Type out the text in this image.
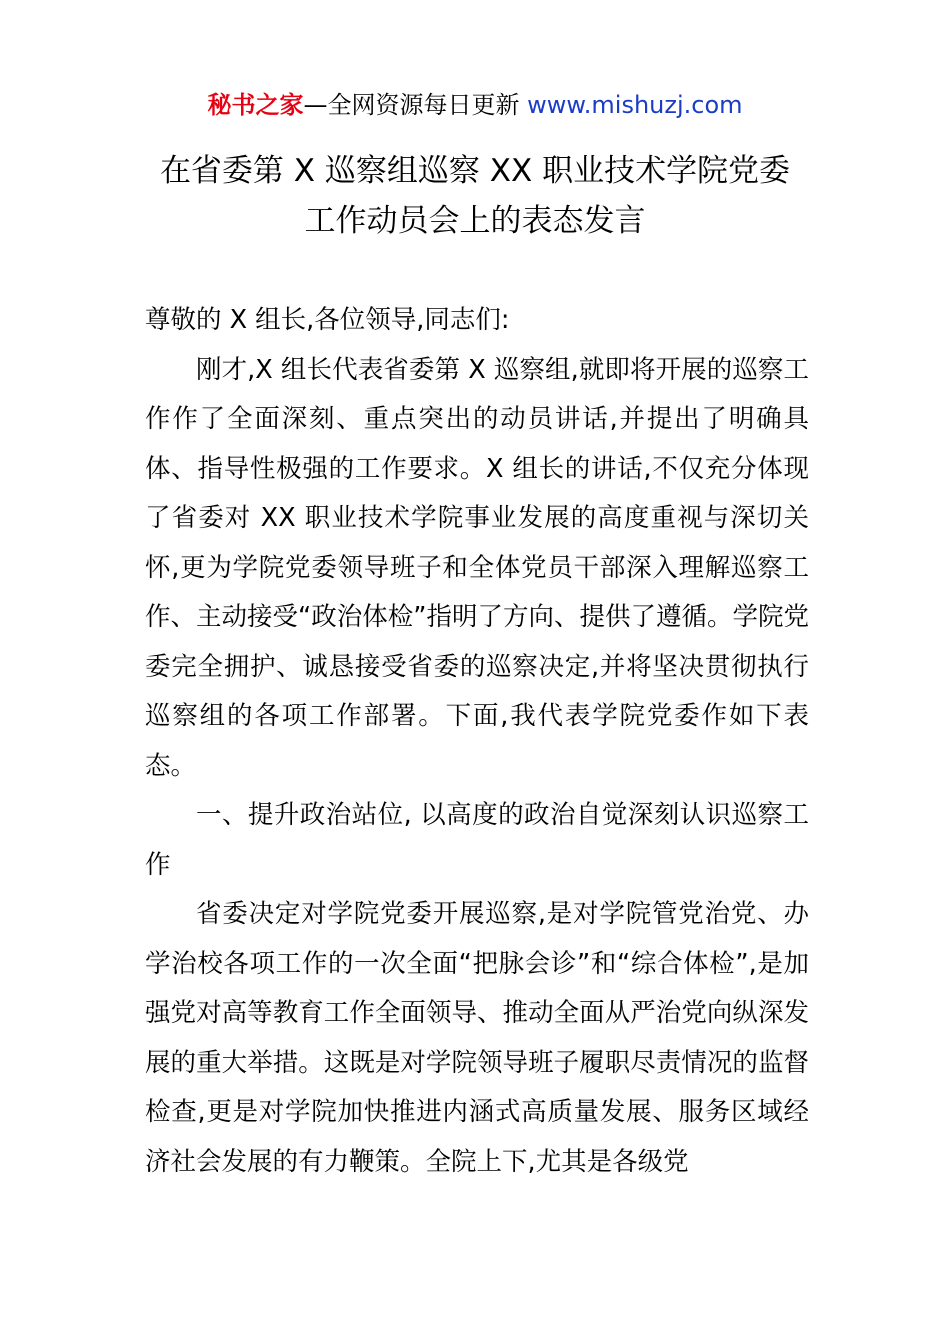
秘书之家—全网资源每日更新 www.mishuzj.com
在省委第 X 巡察组巡察 XX 职业技术学院党委
工作动员会上的表态发言

尊敬的 X 组长,各位领导,同志们:

刚才,X 组长代表省委第 X 巡察组,就即将开展的巡察工作作了全面深刻、重点突出的动员讲话,并提出了明确具体、指导性极强的工作要求。X 组长的讲话,不仅充分体现了省委对 XX 职业技术学院事业发展的高度重视与深切关怀,更为学院党委领导班子和全体党员干部深入理解巡察工作、主动接受“政治体检”指明了方向、提供了遵循。学院党委完全拥护、诚恳接受省委的巡察决定,并将坚决贯彻执行巡察组的各项工作部署。下面,我代表学院党委作如下表态。

一、提升政治站位, 以高度的政治自觉深刻认识巡察工作

省委决定对学院党委开展巡察,是对学院管党治党、办学治校各项工作的一次全面“把脉会诊”和“综合体检”,是加强党对高等教育工作全面领导、推动全面从严治党向纵深发展的重大举措。这既是对学院领导班子履职尽责情况的监督检查,更是对学院加快推进内涵式高质量发展、服务区域经济社会发展的有力鞭策。全院上下,尤其是各级党
